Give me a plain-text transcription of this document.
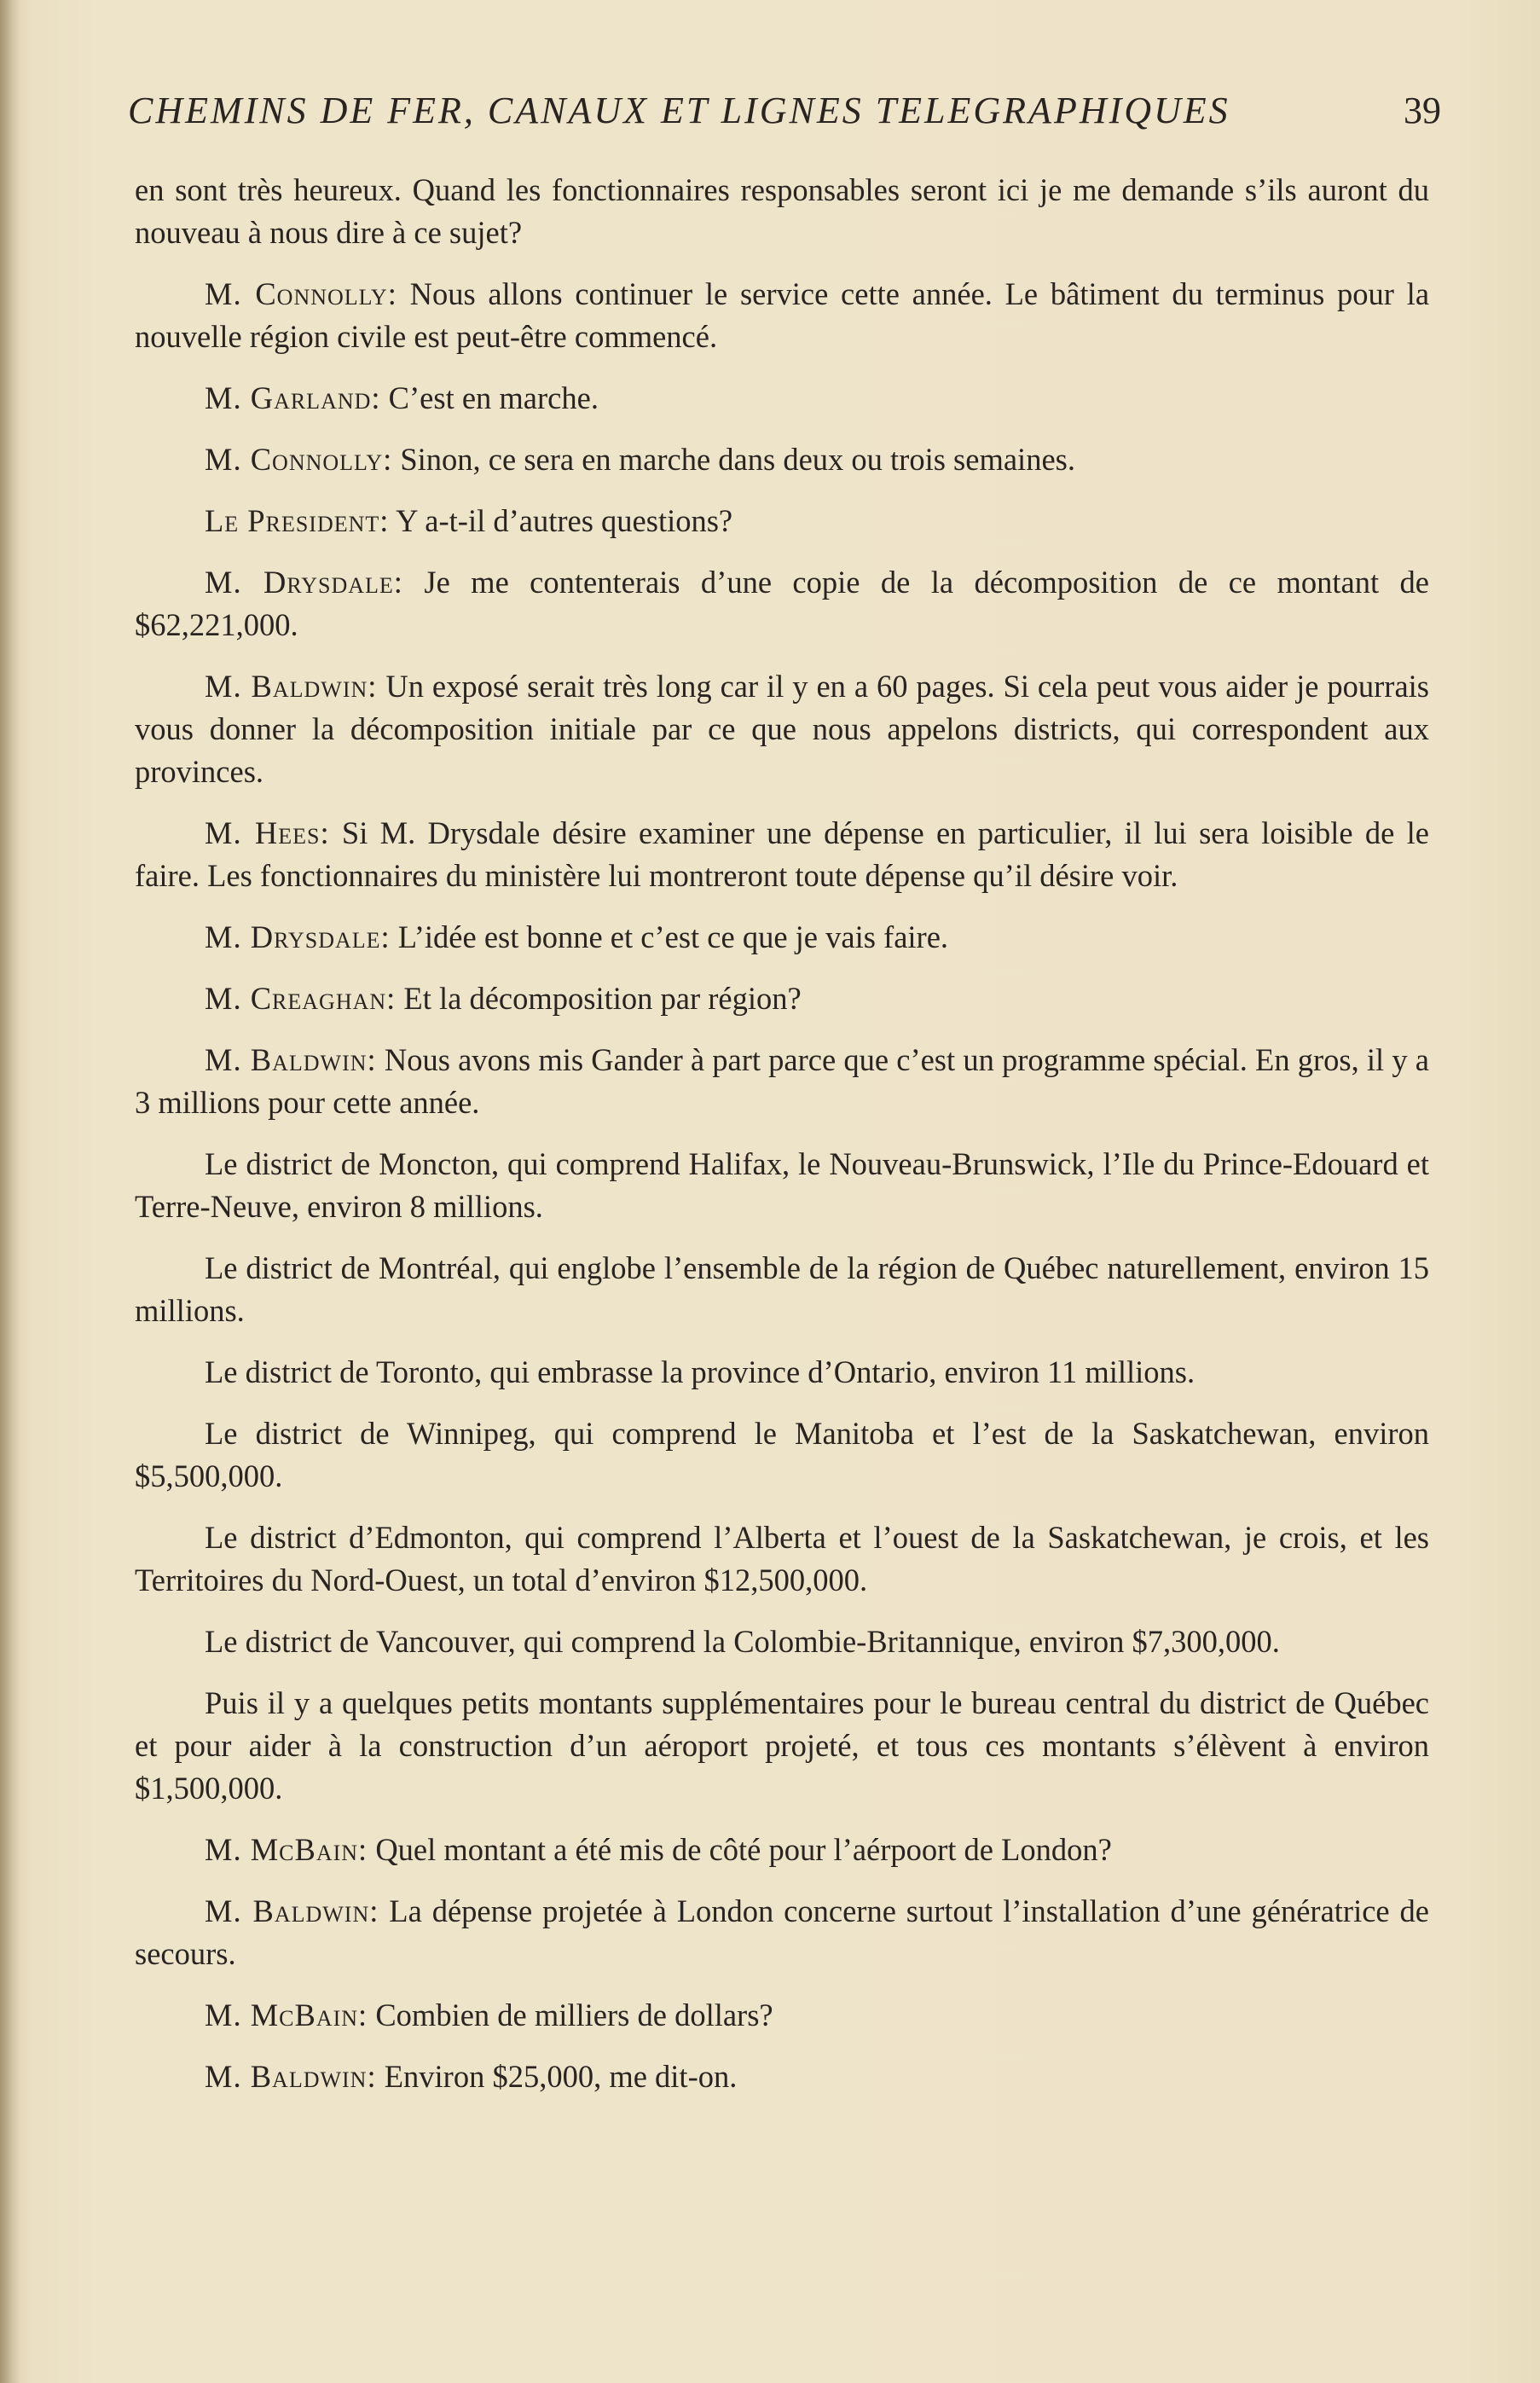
CHEMINS DE FER, CANAUX ET LIGNES TELEGRAPHIQUES	39

en sont très heureux. Quand les fonctionnaires responsables seront ici je me demande s’ils auront du nouveau à nous dire à ce sujet?

M. Connolly: Nous allons continuer le service cette année. Le bâtiment du terminus pour la nouvelle région civile est peut-être commencé.

M. Garland: C’est en marche.

M. Connolly: Sinon, ce sera en marche dans deux ou trois semaines.

Le President: Y a-t-il d’autres questions?

M. Drysdale: Je me contenterais d’une copie de la décomposition de ce montant de $62,221,000.

M. Baldwin: Un exposé serait très long car il y en a 60 pages. Si cela peut vous aider je pourrais vous donner la décomposition initiale par ce que nous appelons districts, qui correspondent aux provinces.

M. Hees: Si M. Drysdale désire examiner une dépense en particulier, il lui sera loisible de le faire. Les fonctionnaires du ministère lui montreront toute dépense qu’il désire voir.

M. Drysdale: L’idée est bonne et c’est ce que je vais faire.

M. Creaghan: Et la décomposition par région?

M. Baldwin: Nous avons mis Gander à part parce que c’est un programme spécial. En gros, il y a 3 millions pour cette année.

Le district de Moncton, qui comprend Halifax, le Nouveau-Brunswick, l’Ile du Prince-Edouard et Terre-Neuve, environ 8 millions.

Le district de Montréal, qui englobe l’ensemble de la région de Québec naturellement, environ 15 millions.

Le district de Toronto, qui embrasse la province d’Ontario, environ 11 millions.

Le district de Winnipeg, qui comprend le Manitoba et l’est de la Saskatchewan, environ $5,500,000.

Le district d’Edmonton, qui comprend l’Alberta et l’ouest de la Saskatchewan, je crois, et les Territoires du Nord-Ouest, un total d’environ $12,500,000.

Le district de Vancouver, qui comprend la Colombie-Britannique, environ $7,300,000.

Puis il y a quelques petits montants supplémentaires pour le bureau central du district de Québec et pour aider à la construction d’un aéroport projeté, et tous ces montants s’élèvent à environ $1,500,000.

M. McBain: Quel montant a été mis de côté pour l’aérpoort de London?

M. Baldwin: La dépense projetée à London concerne surtout l’installation d’une génératrice de secours.

M. McBain: Combien de milliers de dollars?

M. Baldwin: Environ $25,000, me dit-on.
